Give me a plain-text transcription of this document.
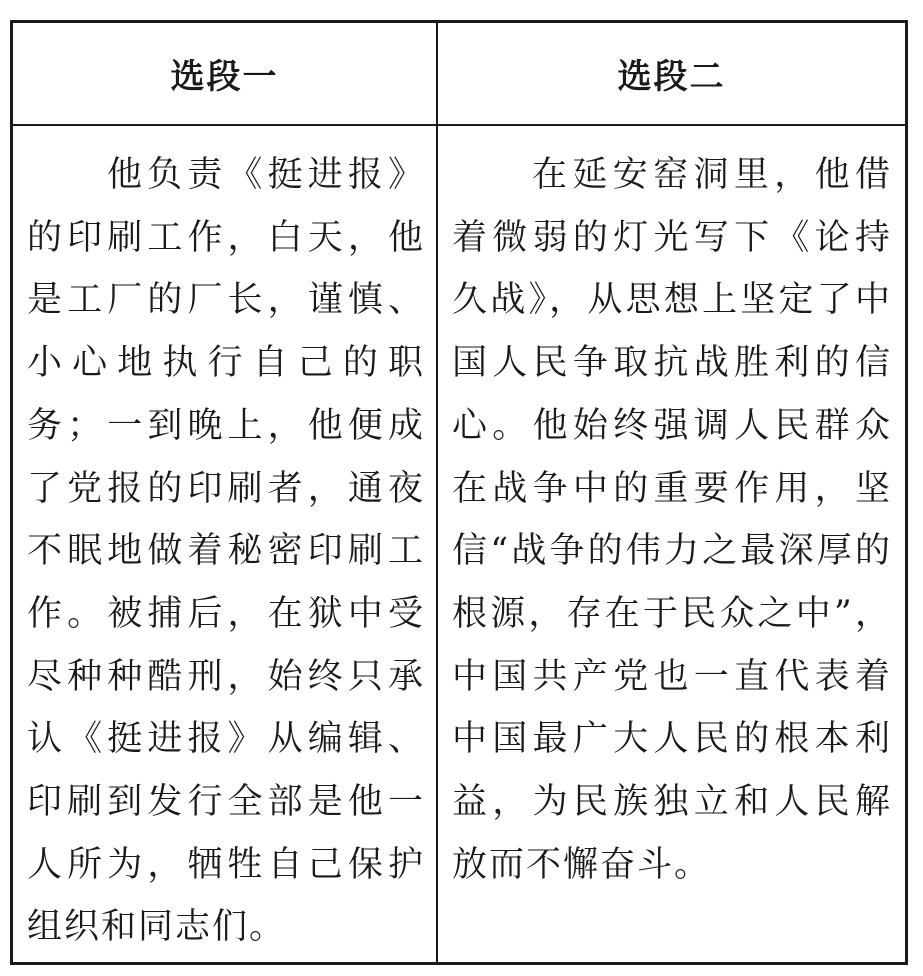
选段一	选段二

他负责《挺进报》的印刷工作，白天，他是工厂的厂长，谨慎、小心地执行自己的职务；一到晚上，他便成了党报的印刷者，通夜不眠地做着秘密印刷工作。被捕后，在狱中受尽种种酷刑，始终只承认《挺进报》从编辑、印刷到发行全部是他一人所为，牺牲自己保护组织和同志们。

在延安窑洞里，他借着微弱的灯光写下《论持久战》，从思想上坚定了中国人民争取抗战胜利的信心。他始终强调人民群众在战争中的重要作用，坚信“战争的伟力之最深厚的根源，存在于民众之中”，中国共产党也一直代表着中国最广大人民的根本利益，为民族独立和人民解放而不懈奋斗。
